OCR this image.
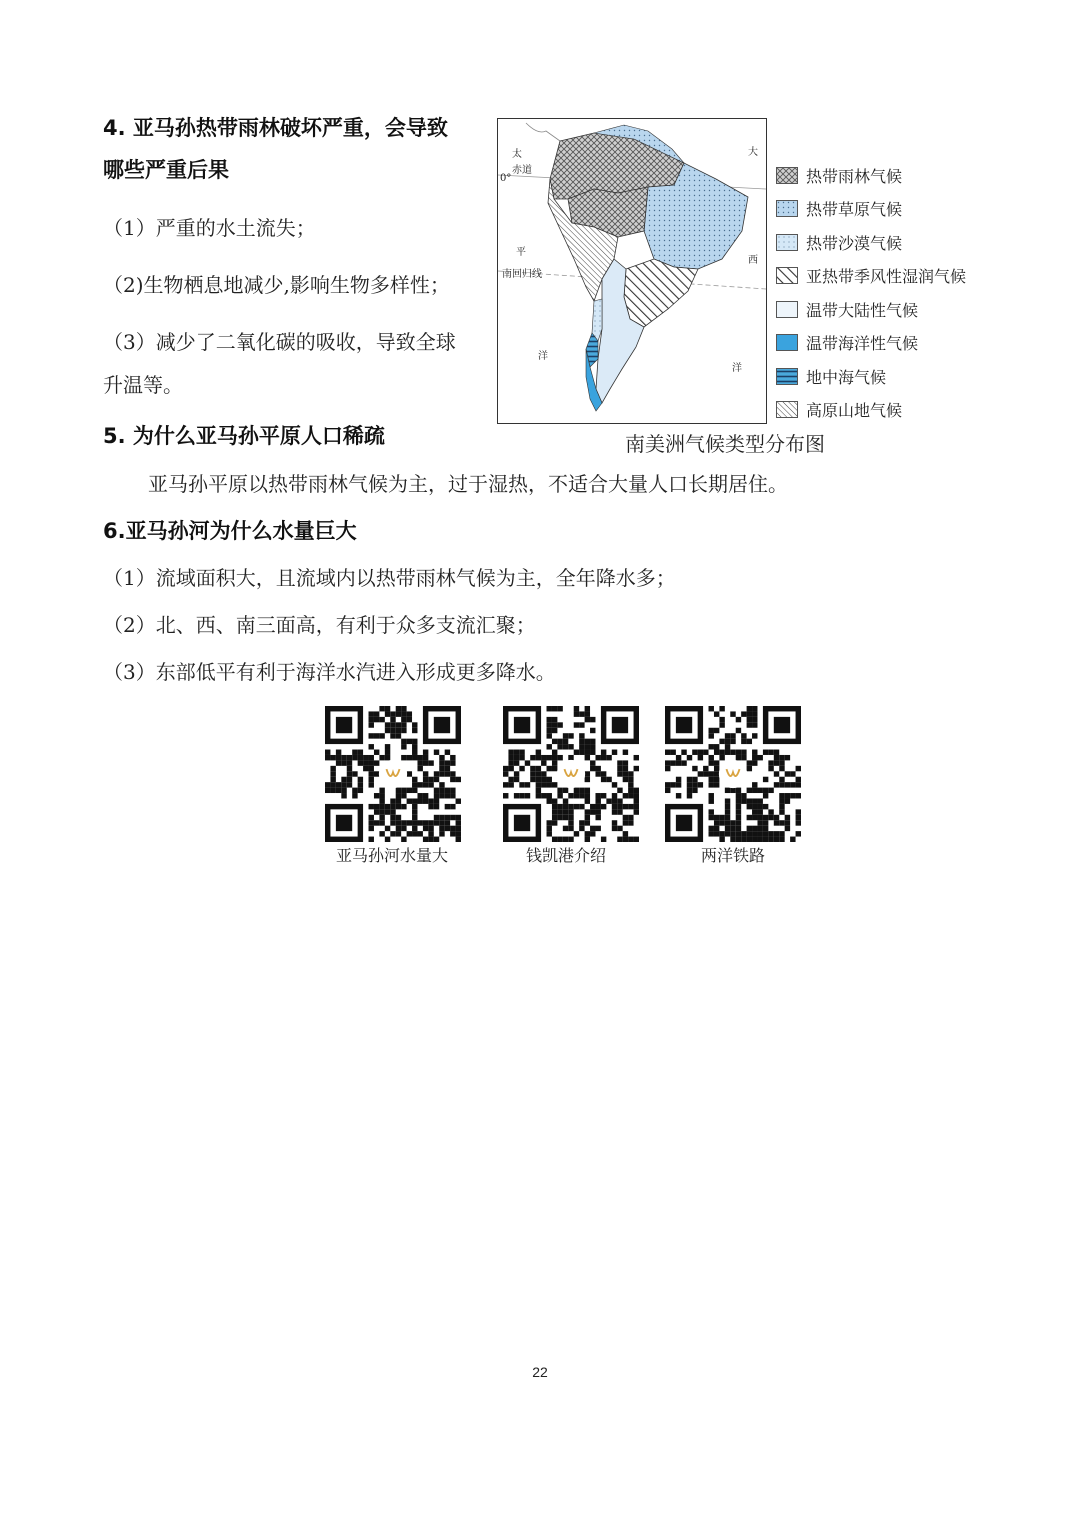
4. 亚马孙热带雨林破坏严重，会导致
哪些严重后果
（1）严重的水土流失；
（2)生物栖息地减少,影响生物多样性；
（3）减少了二氧化碳的吸收，导致全球
升温等。
太
赤道
0°
平
南回归线
洋
大
西
洋
热带雨林气候
热带草原气候
热带沙漠气候
亚热带季风性湿润气候
温带大陆性气候
温带海洋性气候
地中海气候
高原山地气候
南美洲气候类型分布图
5. 为什么亚马孙平原人口稀疏
亚马孙平原以热带雨林气候为主，过于湿热，不适合大量人口长期居住。
6.亚马孙河为什么水量巨大
（1）流域面积大，且流域内以热带雨林气候为主，全年降水多；
（2）北、西、南三面高，有利于众多支流汇聚；
（3）东部低平有利于海洋水汽进入形成更多降水。
亚马孙河水量大	钱凯港介绍	两洋铁路
22
